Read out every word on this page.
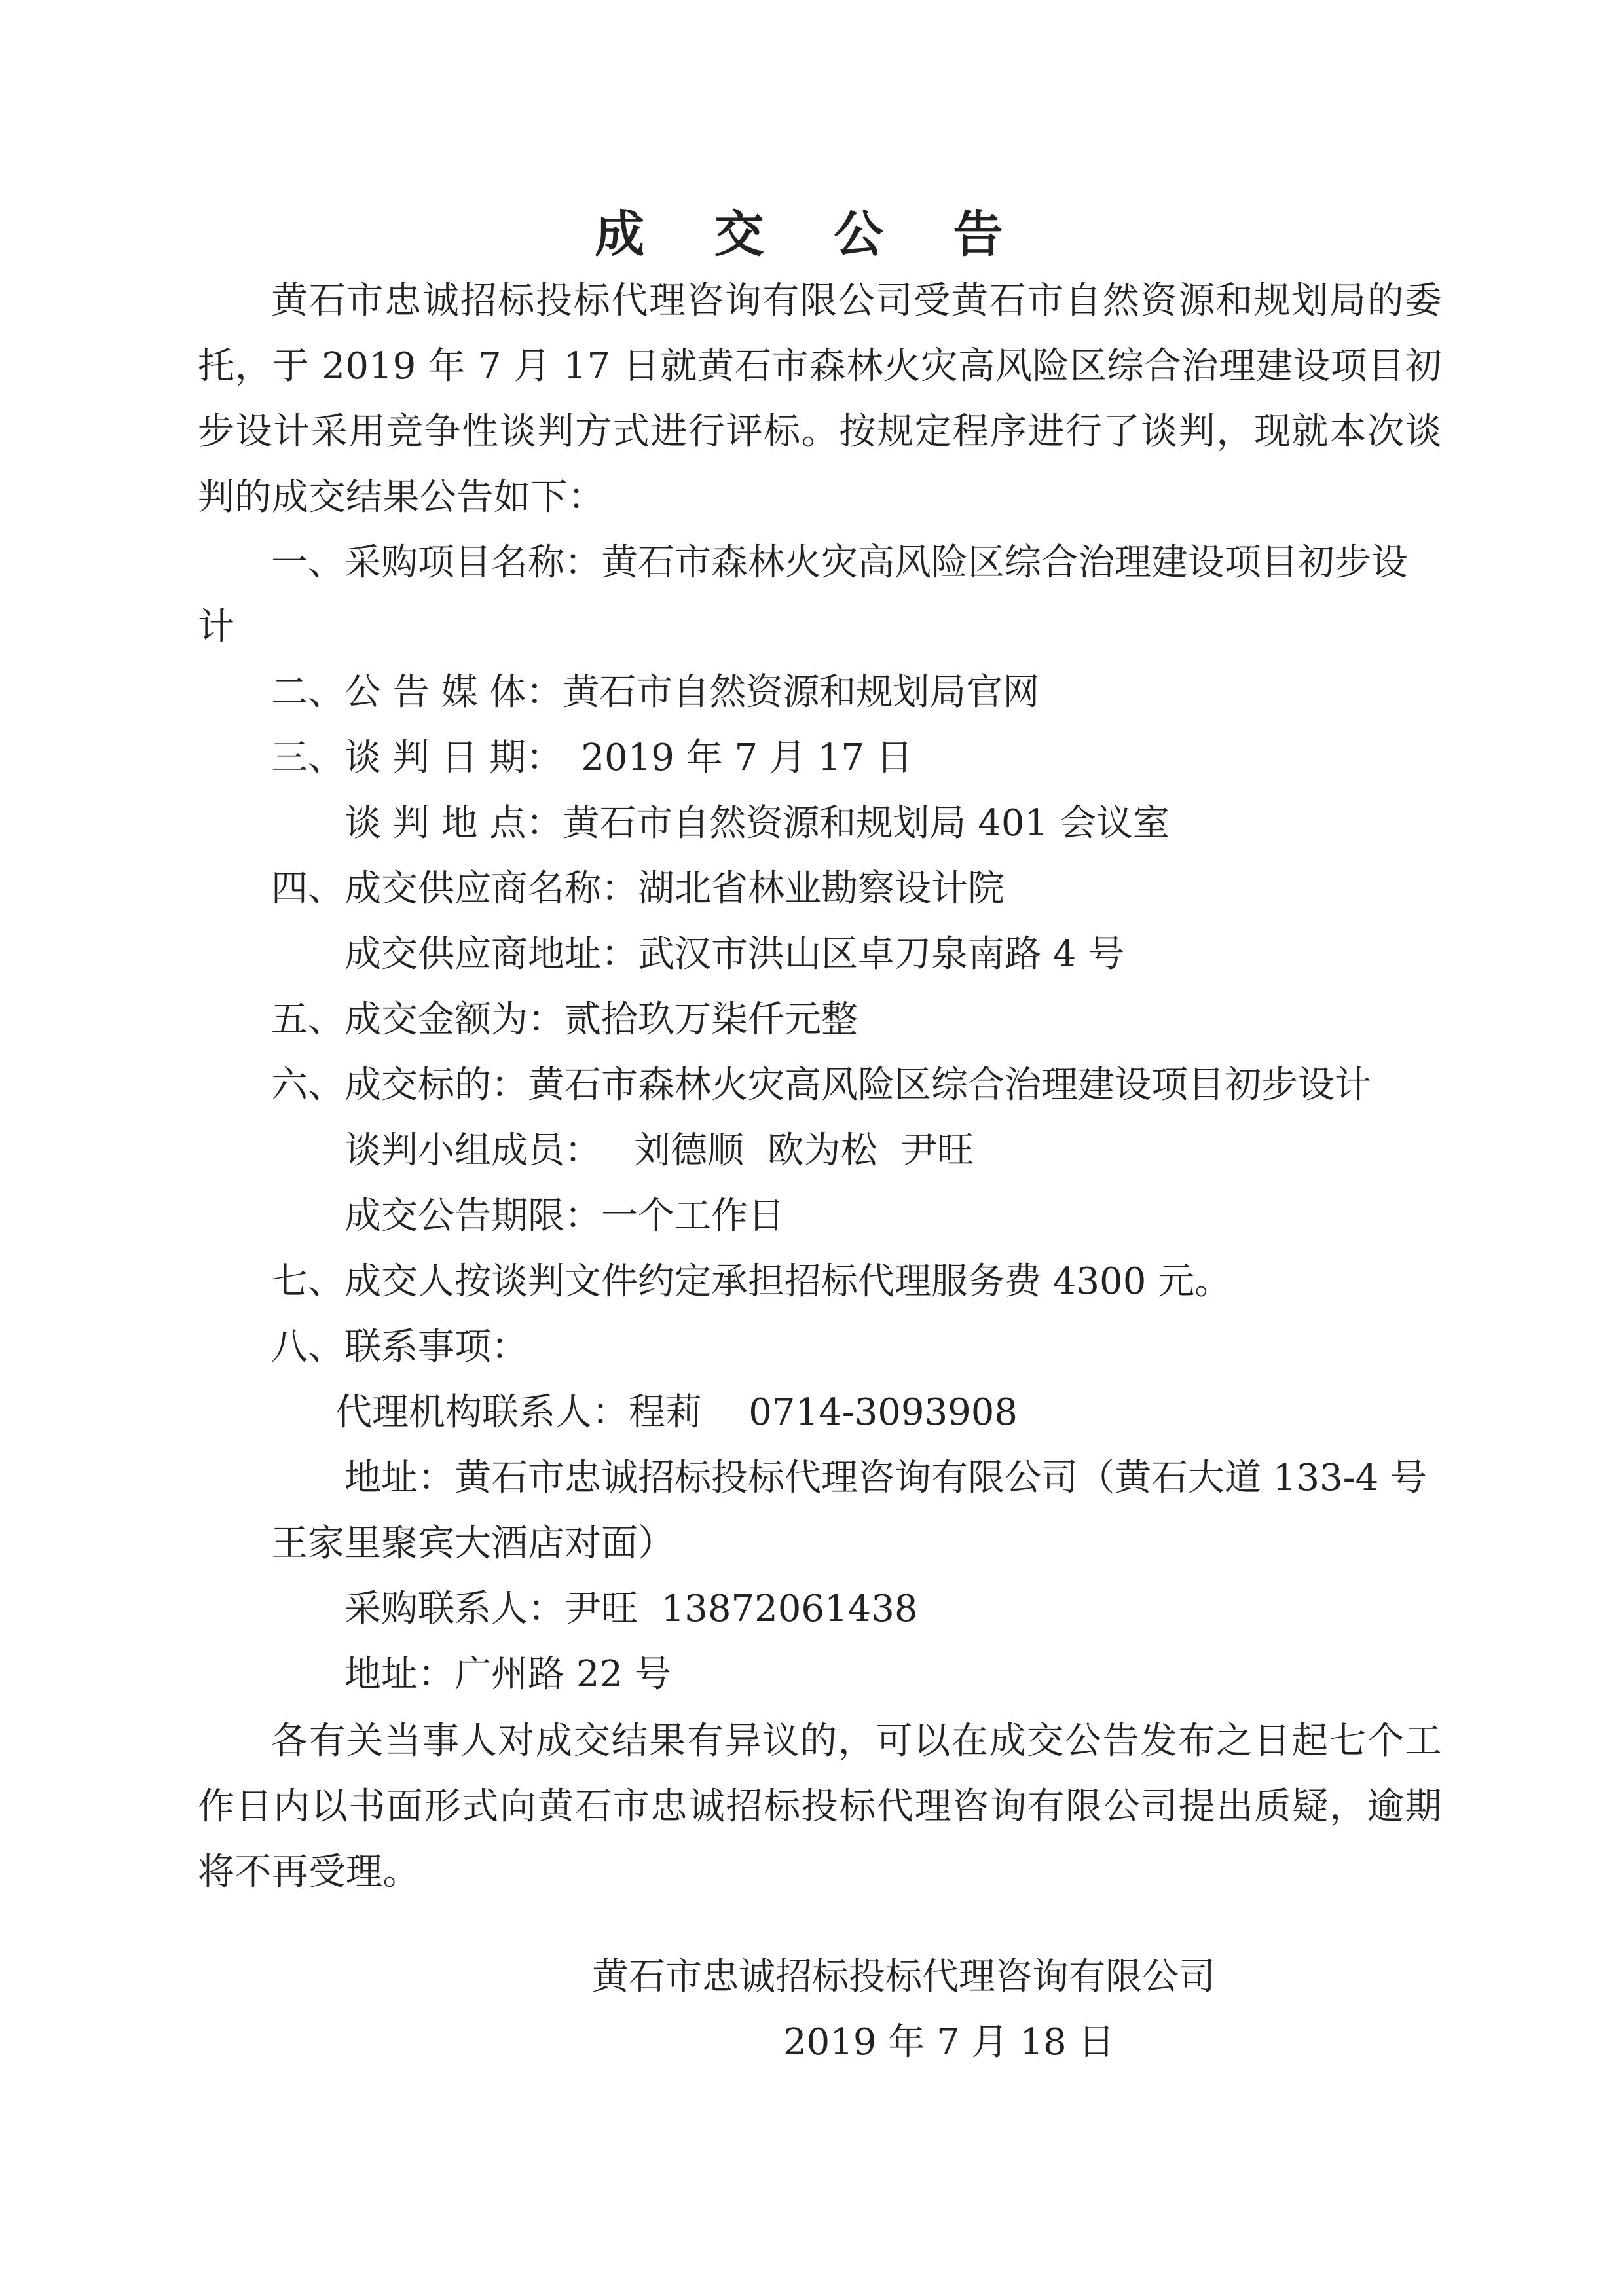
成 交 公 告
黄石市忠诚招标投标代理咨询有限公司受黄石市自然资源和规划局的委托，于 2019 年 7 月 17 日就黄石市森林火灾高风险区综合治理建设项目初步设计采用竞争性谈判方式进行评标。按规定程序进行了谈判，现就本次谈判的成交结果公告如下：
一、采购项目名称：黄石市森林火灾高风险区综合治理建设项目初步设
计
二、公 告 媒 体：黄石市自然资源和规划局官网
三、谈 判 日 期： 2019 年 7 月 17 日
谈 判 地 点：黄石市自然资源和规划局 401 会议室
四、成交供应商名称：湖北省林业勘察设计院
成交供应商地址：武汉市洪山区卓刀泉南路 4 号
五、成交金额为：贰拾玖万柒仟元整
六、成交标的：黄石市森林火灾高风险区综合治理建设项目初步设计
谈判小组成员： 刘德顺  欧为松  尹旺
成交公告期限：一个工作日
七、成交人按谈判文件约定承担招标代理服务费 4300 元。
八、联系事项：
代理机构联系人：程莉    0714-3093908
地址：黄石市忠诚招标投标代理咨询有限公司（黄石大道 133-4 号
王家里聚宾大酒店对面）
采购联系人：尹旺  13872061438
地址：广州路 22 号
各有关当事人对成交结果有异议的，可以在成交公告发布之日起七个工作日内以书面形式向黄石市忠诚招标投标代理咨询有限公司提出质疑，逾期将不再受理。
黄石市忠诚招标投标代理咨询有限公司
2019 年 7 月 18 日
